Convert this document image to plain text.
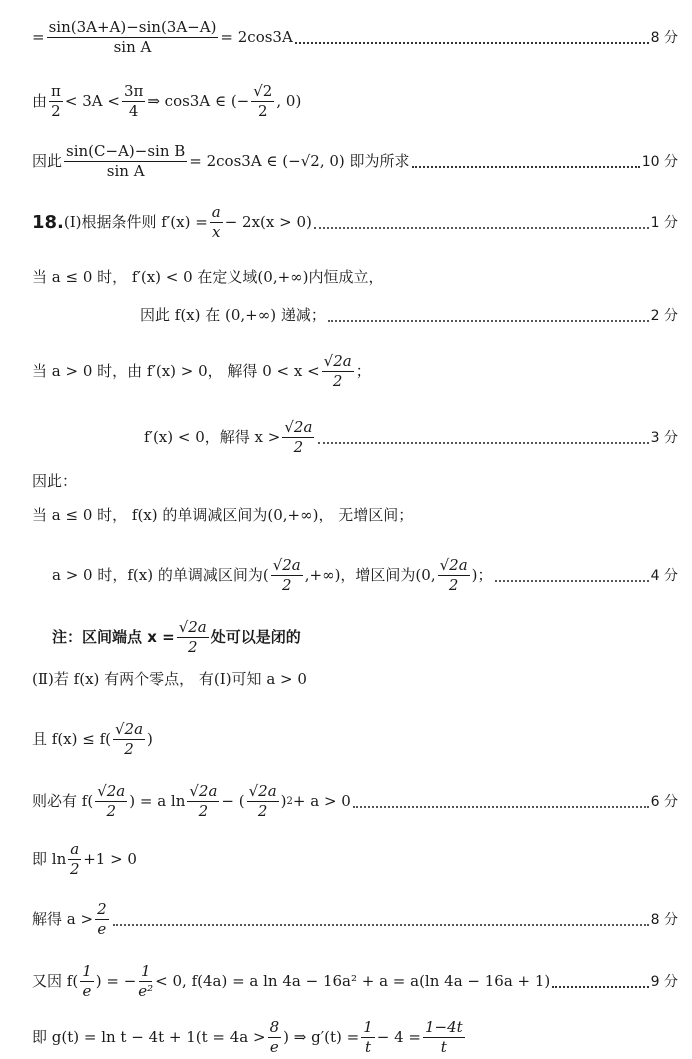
= $\frac{\sin(3A+A)-\sin(3A-A)}{\text{sin A}} = 2\cos 3A$	8 分
由 $\frac{\pi}{2} < 3A < \frac{3\pi}{4}$ ⇒ cos3A ∈ (− $\frac{√2}{2}$ , 0)
因此 $\frac{\text{sin(C−A)−sin B}}{\text{sin A}} = 2\cos 3A$ ∈ (−√2, 0) 即为所求	10 分
18. (Ⅰ) 根据条件则 $f'(x) = \frac{a}{x} - 2x(x > 0)$	1 分
当 a ≤ 0 时， f′(x) < 0 在定义域(0,+∞)内恒成立，
因此 f(x) 在 (0,+∞) 递减；	2 分
当 a > 0 时，由 f′(x) > 0， 解得 $0 < x < \frac{√2a}{2}$ ；
f′(x) < 0，解得 $x > \frac{√2a}{2}$	3 分
因此：
当 a ≤ 0 时， f(x) 的单调减区间为(0,+∞)， 无增区间；
a > 0 时，f(x) 的单调减区间为( $\frac{√2a}{2}$ ,+∞)，增区间为(0, $\frac{√2a}{2}$ )；	4 分
注：区间端点 $x = \frac{√2a}{2}$ 处可以是闭的
(Ⅱ)若 f(x) 有两个零点， 有(Ⅰ)可知 a > 0
且 $f(x) \le f( \frac{√2a}{2}$ )
则必有 $f( \frac{√2a}{2}$ ) = a $\ln \frac{√2a}{2}$ − ( $\frac{√2a}{2}$ ) 2 + a > 0	6 分
即 $\ln \frac{a}{2} +1 > 0$
解得 $a > \frac{2}{e}$	8 分
又因 $f( \frac{1}{e}$ ) = − $\frac{1}{\text{e²}} < 0$, f(4a) = a ln 4a − 16a² + a = a(ln 4a − 16a + 1)	9 分
即 $g(t) = \ln t - 4t + 1(t = 4a > \frac{8}{e}$ ) ⇒ $g'(t) = \frac{1}{t} - 4 = \frac{1-4t}{t}$
